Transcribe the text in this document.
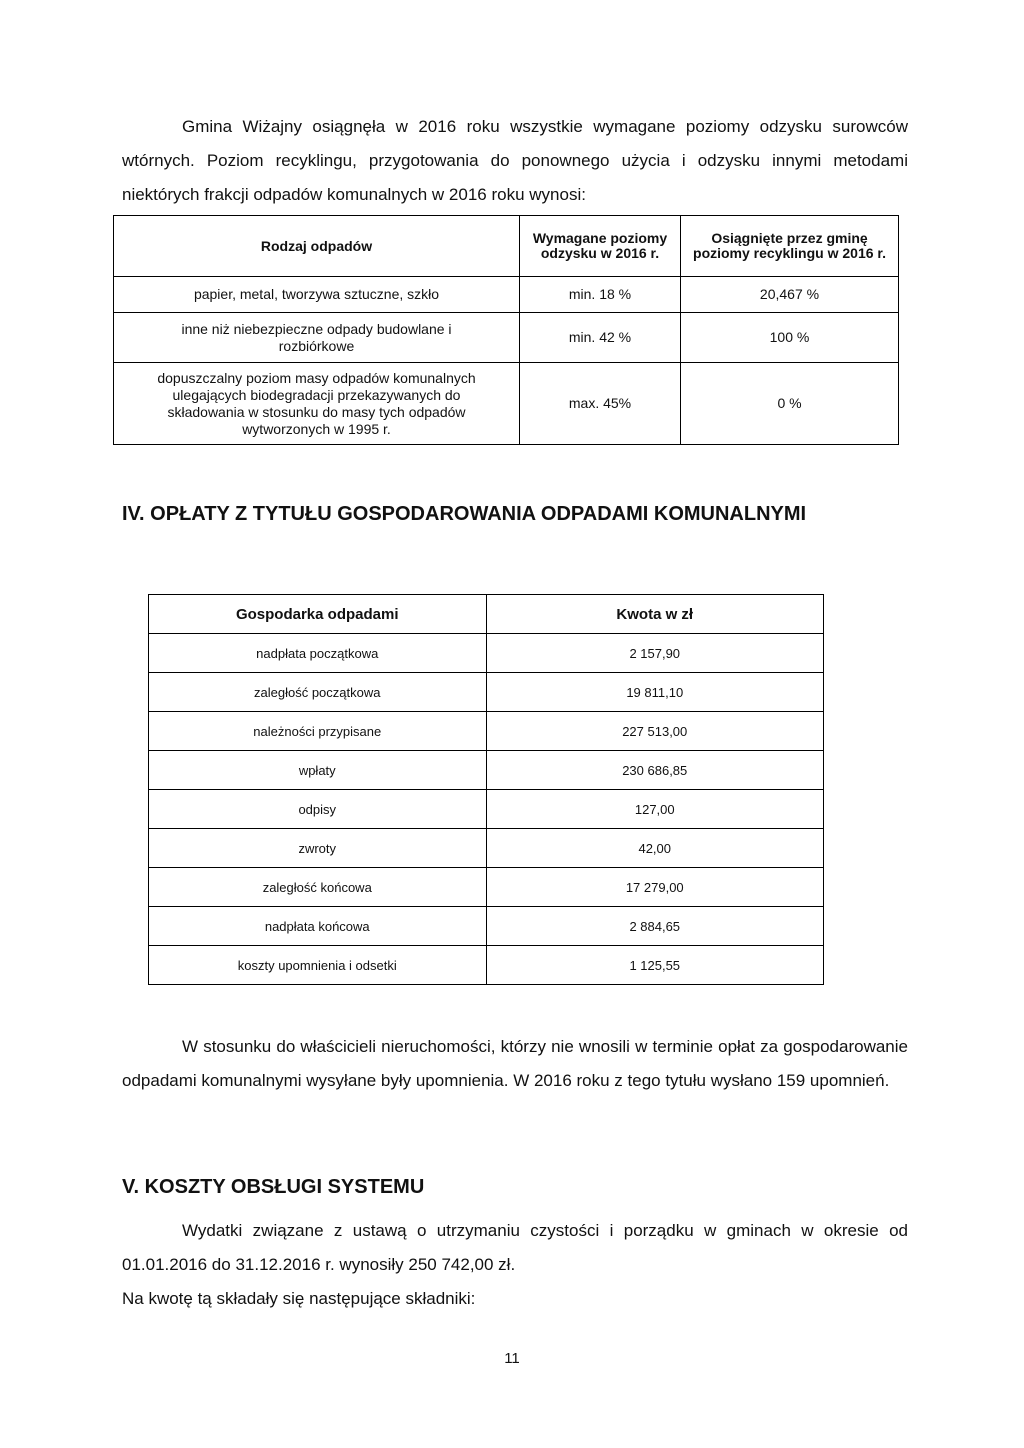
Gmina Wiżajny osiągnęła w 2016 roku wszystkie wymagane poziomy odzysku surowców wtórnych. Poziom recyklingu, przygotowania do ponownego użycia i odzysku innymi metodami niektórych frakcji odpadów komunalnych w 2016 roku wynosi:

Rodzaj odpadów	Wymagane poziomy odzysku w 2016 r.	Osiągnięte przez gminę poziomy recyklingu w 2016 r.
papier, metal, tworzywa sztuczne, szkło	min. 18 %	20,467 %
inne niż niebezpieczne odpady budowlane i rozbiórkowe	min. 42 %	100 %
dopuszczalny poziom masy odpadów komunalnych ulegających biodegradacji przekazywanych do składowania w stosunku do masy tych odpadów wytworzonych w 1995 r.	max. 45%	0 %
IV. OPŁATY Z TYTUŁU GOSPODAROWANIA ODPADAMI KOMUNALNYMI
Gospodarka odpadami	Kwota w zł
nadpłata początkowa	2 157,90
zaległość początkowa	19 811,10
należności przypisane	227 513,00
wpłaty	230 686,85
odpisy	127,00
zwroty	42,00
zaległość końcowa	17 279,00
nadpłata końcowa	2 884,65
koszty upomnienia i odsetki	1 125,55

W stosunku do właścicieli nieruchomości, którzy nie wnosili w terminie opłat za gospodarowanie odpadami komunalnymi wysyłane były upomnienia. W 2016 roku z tego tytułu wysłano 159 upomnień.

V. KOSZTY OBSŁUGI SYSTEMU

Wydatki związane z ustawą o utrzymaniu czystości i porządku w gminach w okresie od 01.01.2016 do 31.12.2016 r. wynosiły 250 742,00 zł.

Na kwotę tą składały się następujące składniki:

11
